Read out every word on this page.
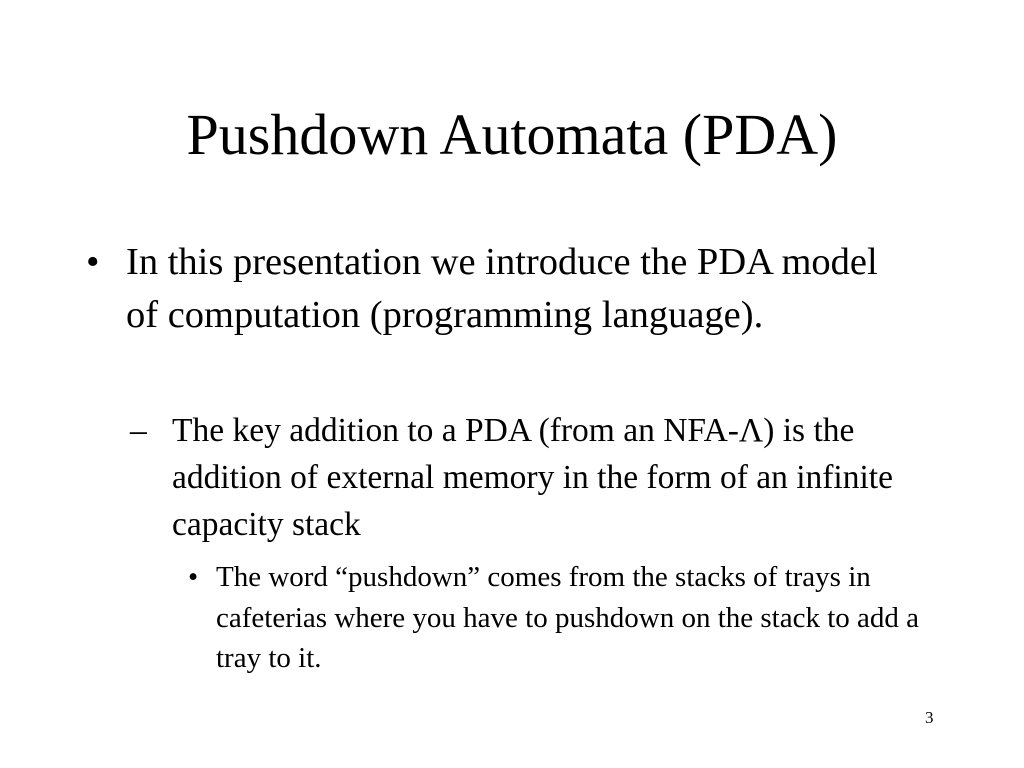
Pushdown Automata (PDA)
• In this presentation we introduce the PDA model of computation (programming language).
– The key addition to a PDA (from an NFA-Λ) is the addition of external memory in the form of an infinite capacity stack
• The word “pushdown” comes from the stacks of trays in cafeterias where you have to pushdown on the stack to add a tray to it.
3
